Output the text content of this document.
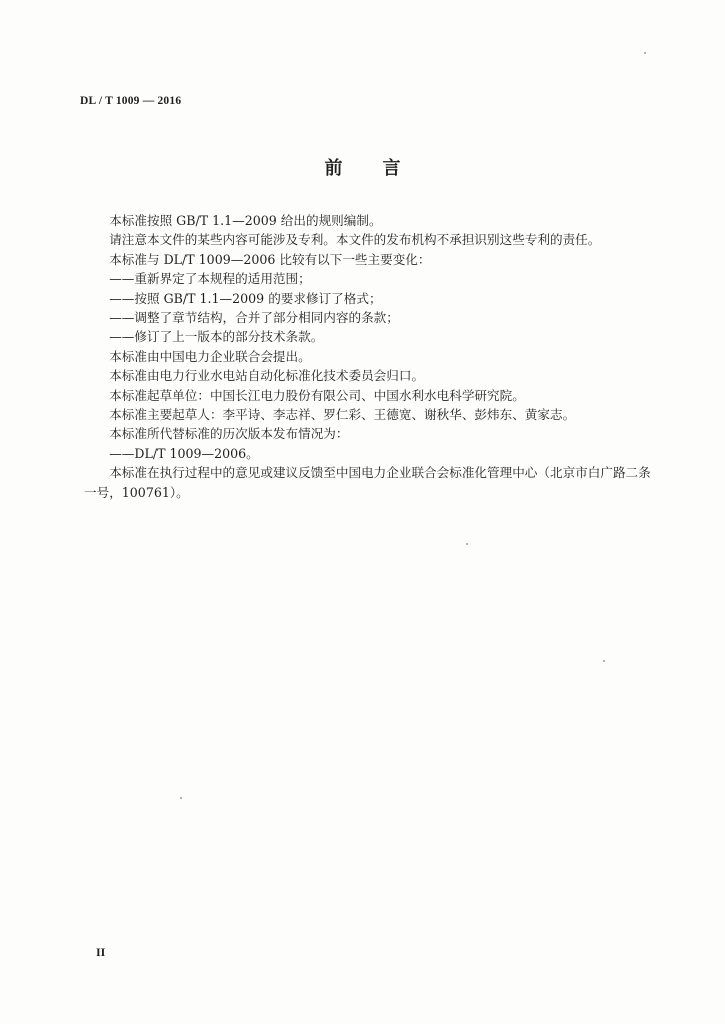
DL / T 1009 — 2016
前言

本标准按照 GB/T 1.1—2009 给出的规则编制。

请注意本文件的某些内容可能涉及专利。本文件的发布机构不承担识别这些专利的责任。

本标准与 DL/T 1009—2006 比较有以下一些主要变化：

——重新界定了本规程的适用范围；

——按照 GB/T 1.1—2009 的要求修订了格式；

——调整了章节结构，合并了部分相同内容的条款；

——修订了上一版本的部分技术条款。

本标准由中国电力企业联合会提出。

本标准由电力行业水电站自动化标准化技术委员会归口。

本标准起草单位：中国长江电力股份有限公司、中国水利水电科学研究院。

本标准主要起草人：李平诗、李志祥、罗仁彩、王德宽、谢秋华、彭炜东、黄家志。

本标准所代替标准的历次版本发布情况为：

——DL/T 1009—2006。

本标准在执行过程中的意见或建议反馈至中国电力企业联合会标准化管理中心（北京市白广路二条一号，100761）。

II
